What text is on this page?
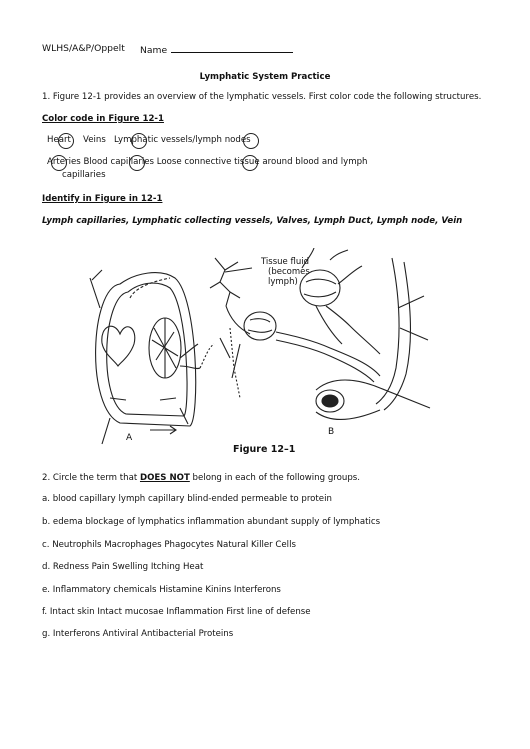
WLHS/A&P/Oppelt Name
Lymphatic System Practice
1. Figure 12-1 provides an overview of the lymphatic vessels. First color code the following structures.
Color code in Figure 12-1
Heart Veins Lymphatic vessels/lymph nodes
Arteries Blood capillaries Loose connective tissue around blood and lymph
capillaries
Identify in Figure in 12-1
Lymph capillaries, Lymphatic collecting vessels, Valves, Lymph Duct, Lymph node, Vein
Tissue fluid
(becomes
lymph)
A
B
Figure 12–1
2. Circle the term that DOES NOT belong in each of the following groups.
a. blood capillary lymph capillary blind-ended permeable to protein
b. edema blockage of lymphatics inflammation abundant supply of lymphatics
c. Neutrophils Macrophages Phagocytes Natural Killer Cells
d. Redness Pain Swelling Itching Heat
e. Inflammatory chemicals Histamine Kinins Interferons
f. Intact skin Intact mucosae Inflammation First line of defense
g. Interferons Antiviral Antibacterial Proteins
